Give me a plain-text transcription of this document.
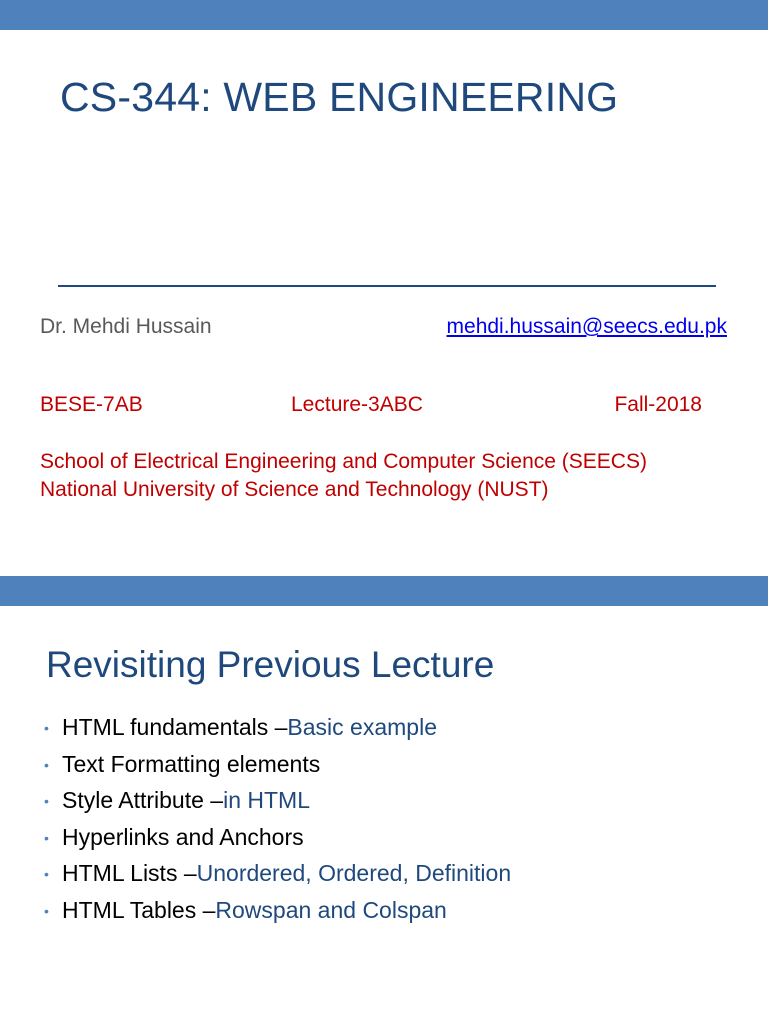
CS-344: WEB ENGINEERING
Dr. Mehdi Hussain	mehdi.hussain@seecs.edu.pk
BESE-7AB	Lecture-3ABC	Fall-2018
School of Electrical Engineering and Computer Science (SEECS)
National University of Science and Technology (NUST)
Revisiting Previous Lecture
• HTML fundamentals – Basic example
• Text Formatting elements
• Style Attribute – in HTML
• Hyperlinks and Anchors
• HTML Lists – Unordered, Ordered, Definition
• HTML Tables – Rowspan and Colspan
